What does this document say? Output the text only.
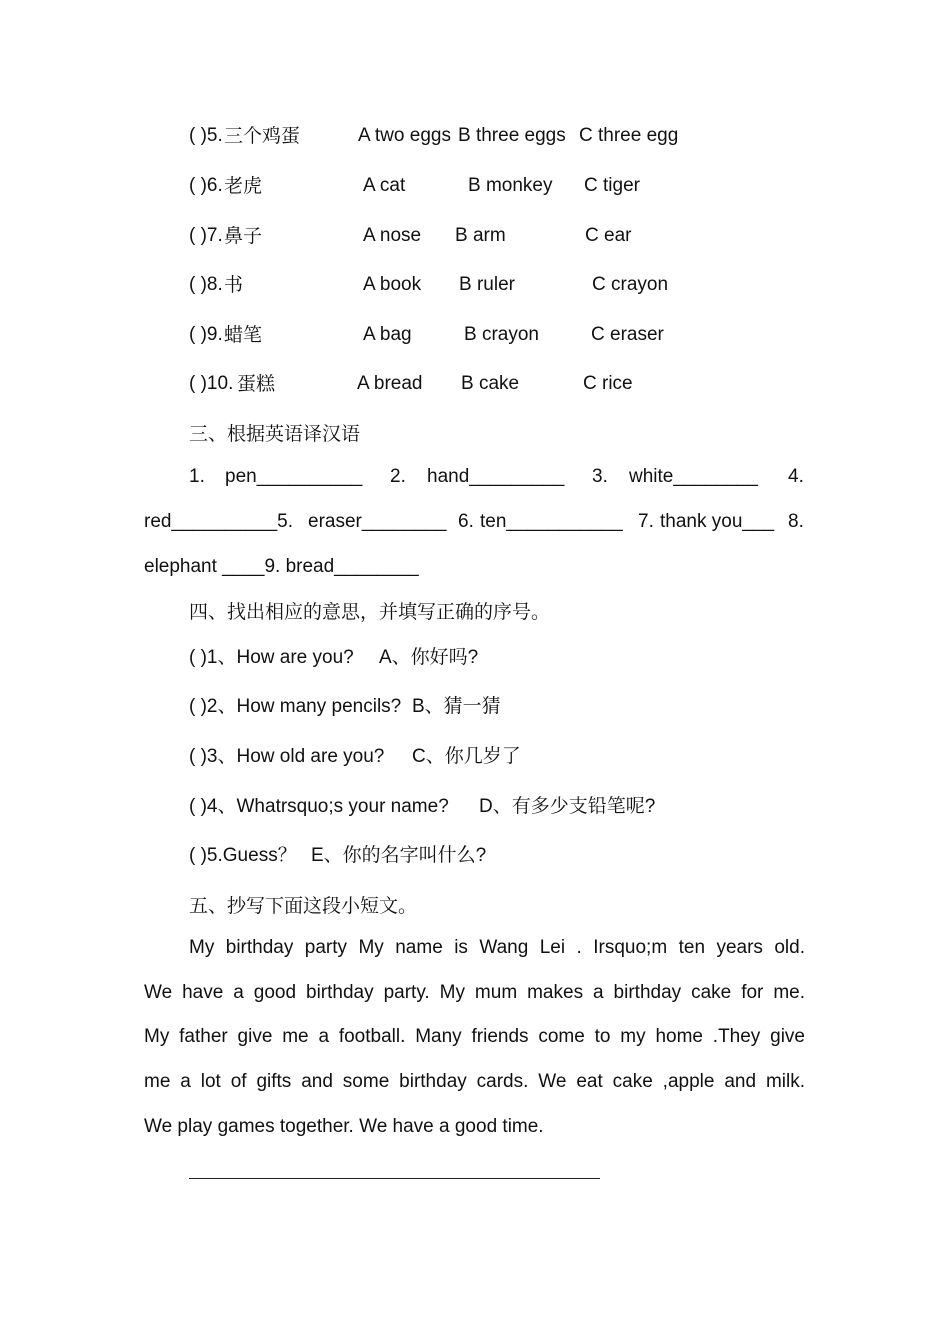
( )5. 三个鸡蛋	A two eggs B three eggs C three egg
( )6. 老虎	A cat	B monkey C tiger
( )7. 鼻子	A nose B arm	C ear
( )8. 书	A book B ruler	C crayon
( )9. 蜡笔	A bag	B crayon	C eraser
( )10. 蛋糕	A bread B cake	C rice
三、根据英语译汉语
1. pen__________ 2. hand_________ 3. white________ 4.
red__________5. eraser________ 6. ten___________ 7. thank you___ 8.
elephant ____9. bread________
四、找出相应的意思，并填写正确的序号。
( )1、How are you? A、你好吗?
( )2、How many pencils? B、猜一猜
( )3、How old are you? C、你几岁了
( )4、Whatrsquo;s your name? D、有多少支铅笔呢?
( )5.Guess？ E、你的名字叫什么?
五、抄写下面这段小短文。
My birthday party My name is Wang Lei . Irsquo;m ten years old.
We have a good birthday party. My mum makes a birthday cake for me.
My father give me a football. Many friends come to my home .They give
me a lot of gifts and some birthday cards. We eat cake ,apple and milk.
We play games together. We have a good time.
